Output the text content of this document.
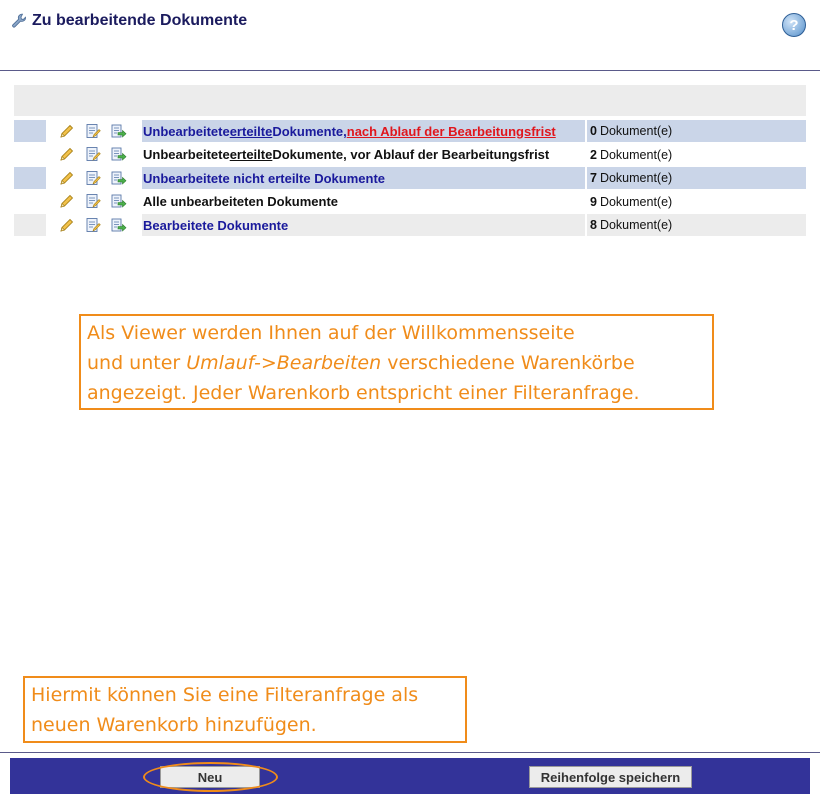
Zu bearbeitende Dokumente	?
Unbearbeitete erteilte Dokumente, nach Ablauf der Bearbeitungsfrist	0 Dokument(e)
Unbearbeitete erteilte Dokumente, vor Ablauf der Bearbeitungsfrist	2 Dokument(e)
Unbearbeitete nicht erteilte Dokumente	7 Dokument(e)
Alle unbearbeiteten Dokumente	9 Dokument(e)
Bearbeitete Dokumente	8 Dokument(e)
Als Viewer werden Ihnen auf der Willkommensseite
und unter Umlauf->Bearbeiten verschiedene Warenkörbe
angezeigt. Jeder Warenkorb entspricht einer Filteranfrage.
Hiermit können Sie eine Filteranfrage als
neuen Warenkorb hinzufügen.
Neu	Reihenfolge speichern
